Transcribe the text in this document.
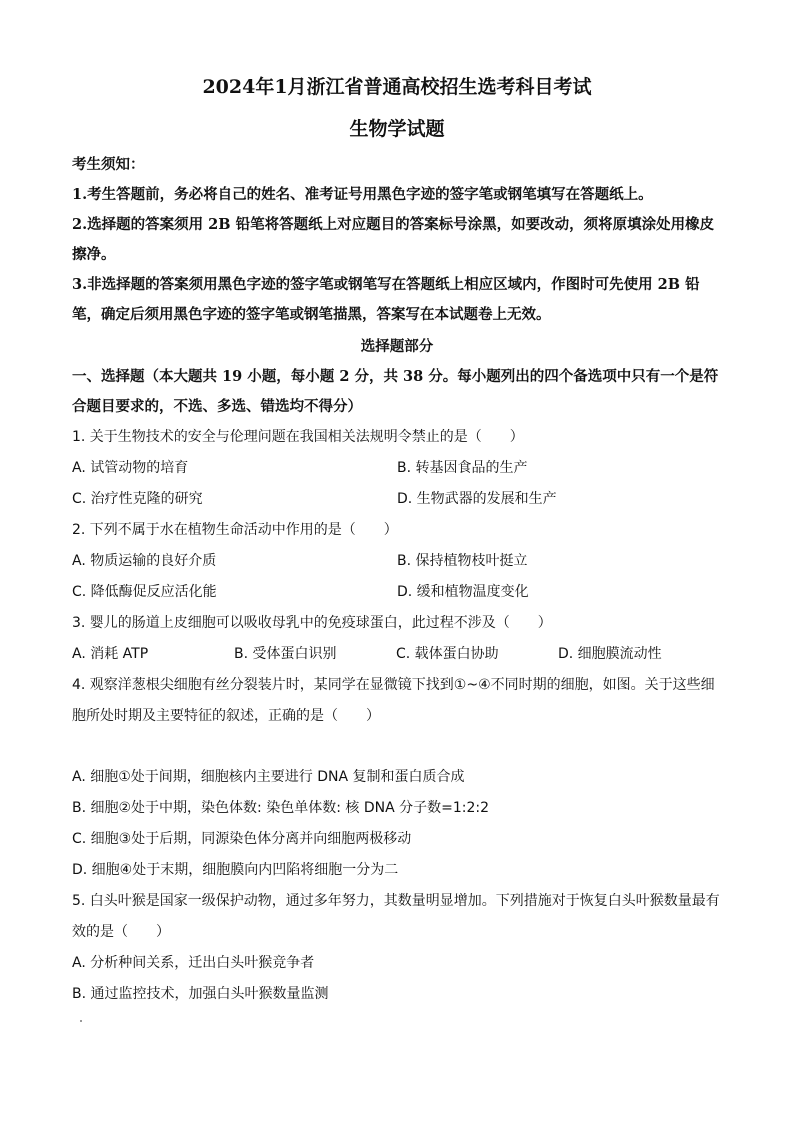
2024年1月浙江省普通高校招生选考科目考试
生物学试题
考生须知：
1.考生答题前，务必将自己的姓名、准考证号用黑色字迹的签字笔或钢笔填写在答题纸上。
2.选择题的答案须用 2B 铅笔将答题纸上对应题目的答案标号涂黑，如要改动，须将原填涂处用橡皮擦净。
3.非选择题的答案须用黑色字迹的签字笔或钢笔写在答题纸上相应区域内，作图时可先使用 2B 铅笔，确定后须用黑色字迹的签字笔或钢笔描黑，答案写在本试题卷上无效。
选择题部分
一、选择题（本大题共 19 小题，每小题 2 分，共 38 分。每小题列出的四个备选项中只有一个是符合题目要求的，不选、多选、错选均不得分）
1. 关于生物技术的安全与伦理问题在我国相关法规明令禁止的是（　　）
A. 试管动物的培育	B. 转基因食品的生产
C. 治疗性克隆的研究	D. 生物武器的发展和生产
2. 下列不属于水在植物生命活动中作用的是（　　）
A. 物质运输的良好介质	B. 保持植物枝叶挺立
C. 降低酶促反应活化能	D. 缓和植物温度变化
3. 婴儿的肠道上皮细胞可以吸收母乳中的免疫球蛋白，此过程不涉及（　　）
A. 消耗 ATP	B. 受体蛋白识别	C. 载体蛋白协助	D. 细胞膜流动性
4. 观察洋葱根尖细胞有丝分裂装片时，某同学在显微镜下找到①~④不同时期的细胞，如图。关于这些细胞所处时期及主要特征的叙述，正确的是（　　）
A. 细胞①处于间期，细胞核内主要进行 DNA 复制和蛋白质合成
B. 细胞②处于中期，染色体数: 染色单体数: 核 DNA 分子数=1:2:2
C. 细胞③处于后期，同源染色体分离并向细胞两极移动
D. 细胞④处于末期，细胞膜向内凹陷将细胞一分为二
5. 白头叶猴是国家一级保护动物，通过多年努力，其数量明显增加。下列措施对于恢复白头叶猴数量最有效的是（　　）
A. 分析种间关系，迁出白头叶猴竞争者
B. 通过监控技术，加强白头叶猴数量监测
